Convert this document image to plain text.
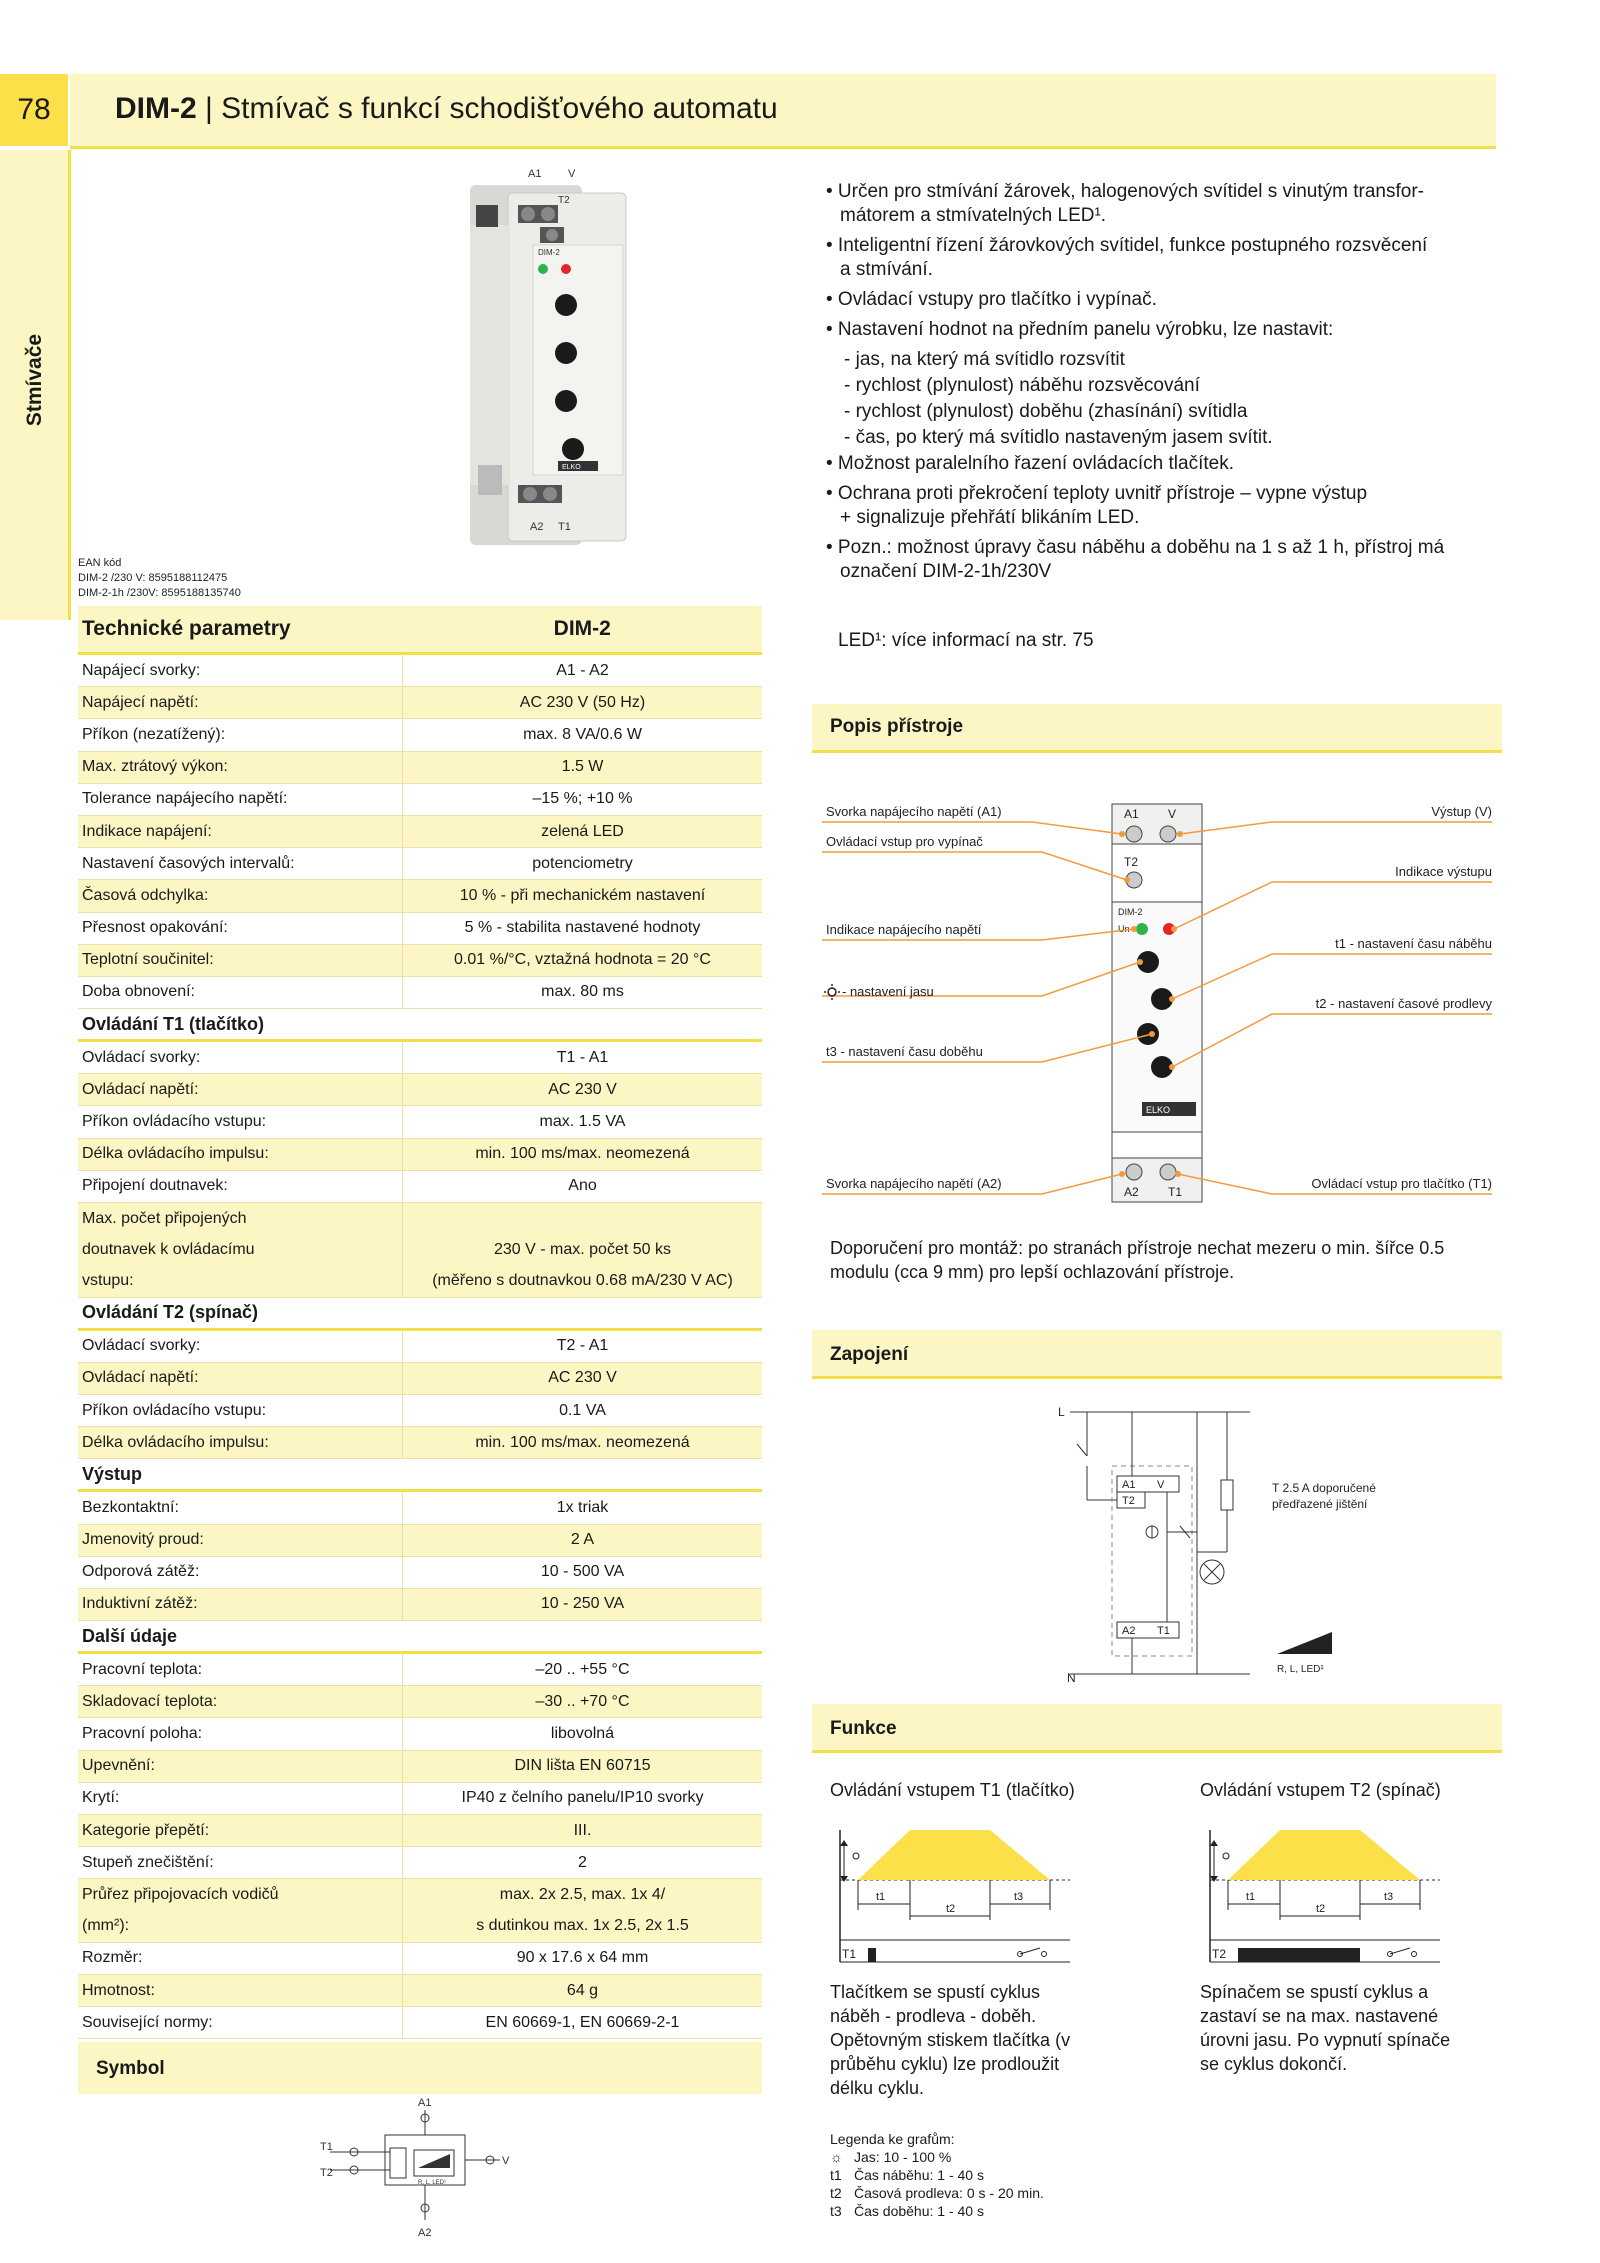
78 DIM-2 | Stmívač s funkcí schodišťového automatu
Stmívače
A1 V
T2
DIM-2
ELKO
A2 T1
EAN kód
DIM-2 /230 V: 8595188112475
DIM-2-1h /230V: 8595188135740
Technické parametry	DIM-2
Napájecí svorky:	A1 - A2
Napájecí napětí:	AC 230 V (50 Hz)
Příkon (nezatížený):	max. 8 VA/0.6 W
Max. ztrátový výkon:	1.5 W
Tolerance napájecího napětí:	–15 %; +10 %
Indikace napájení:	zelená LED
Nastavení časových intervalů:	potenciometry
Časová odchylka:	10 % - při mechanickém nastavení
Přesnost opakování:	5 % - stabilita nastavené hodnoty
Teplotní součinitel:	0.01 %/°C, vztažná hodnota = 20 °C
Doba obnovení:	max. 80 ms
Ovládání T1 (tlačítko)	
Ovládací svorky:	T1 - A1
Ovládací napětí:	AC 230 V
Příkon ovládacího vstupu:	max. 1.5 VA
Délka ovládacího impulsu:	min. 100 ms/max. neomezená
Připojení doutnavek:	Ano
Max. počet připojených	
doutnavek k ovládacímu	230 V - max. počet 50 ks
vstupu:	(měřeno s doutnavkou 0.68 mA/230 V AC)
Ovládání T2 (spínač)	
Ovládací svorky:	T2 - A1
Ovládací napětí:	AC 230 V
Příkon ovládacího vstupu:	0.1 VA
Délka ovládacího impulsu:	min. 100 ms/max. neomezená
Výstup	
Bezkontaktní:	1x triak
Jmenovitý proud:	2 A
Odporová zátěž:	10 - 500 VA
Induktivní zátěž:	10 - 250 VA
Další údaje	
Pracovní teplota:	–20 .. +55 °C
Skladovací teplota:	–30 .. +70 °C
Pracovní poloha:	libovolná
Upevnění:	DIN lišta EN 60715
Krytí:	IP40 z čelního panelu/IP10 svorky
Kategorie přepětí:	III.
Stupeň znečištění:	2
Průřez připojovacích vodičů	max. 2x 2.5, max. 1x 4/
(mm²):	s dutinkou max. 1x 2.5, 2x 1.5
Rozměr:	90 x 17.6 x 64 mm
Hmotnost:	64 g
Související normy:	EN 60669-1, EN 60669-2-1
Symbol
A1
R, L, LED¹
T1
T2
V
A2
• Určen pro stmívání žárovek, halogenových svítidel s vinutým transfor-
mátorem a stmívatelných LED¹.
• Inteligentní řízení žárovkových svítidel, funkce postupného rozsvěcení
a stmívání.
• Ovládací vstupy pro tlačítko i vypínač.
• Nastavení hodnot na předním panelu výrobku, lze nastavit:
- jas, na který má svítidlo rozsvítit
- rychlost (plynulost) náběhu rozsvěcování
- rychlost (plynulost) doběhu (zhasínání) svítidla
- čas, po který má svítidlo nastaveným jasem svítit.
• Možnost paralelního řazení ovládacích tlačítek.
• Ochrana proti překročení teploty uvnitř přístroje – vypne výstup
+ signalizuje přehřátí blikáním LED.
• Pozn.: možnost úpravy času náběhu a doběhu na 1 s až 1 h, přístroj má
označení DIM-2-1h/230V
LED¹: více informací na str. 75
Popis přístroje
A1 V
T2
DIM-2
Un
ELKO
A2 T1
Svorka napájecího napětí (A1)
Ovládací vstup pro vypínač
Indikace napájecího napětí
- nastavení jasu
t3 - nastavení času doběhu
Svorka napájecího napětí (A2)
Výstup (V)
Indikace výstupu
t1 - nastavení času náběhu
t2 - nastavení časové prodlevy
Ovládací vstup pro tlačítko (T1)
Doporučení pro montáž: po stranách přístroje nechat mezeru o min. šířce 0.5 modulu (cca 9 mm) pro lepší ochlazování přístroje.
Zapojení
L
N
A1 V
T2
A2 T1
T 2.5 A doporučené
předřazené jištění
R, L, LED¹
Funkce
Ovládání vstupem T1 (tlačítko)	Ovládání vstupem T2 (spínač)
t1
t2
t3
T1
t1
t2
t3
T2
Tlačítkem se spustí cyklus náběh - prodleva - doběh. Opětovným stiskem tlačítka (v průběhu cyklu) lze prodloužit délku cyklu.
Spínačem se spustí cyklus a zastaví se na max. nastavené úrovni jasu. Po vypnutí spínače se cyklus dokončí.
Legenda ke grafům:
☼ Jas: 10 - 100 %
t1 Čas náběhu: 1 - 40 s
t2 Časová prodleva: 0 s - 20 min.
t3 Čas doběhu: 1 - 40 s
